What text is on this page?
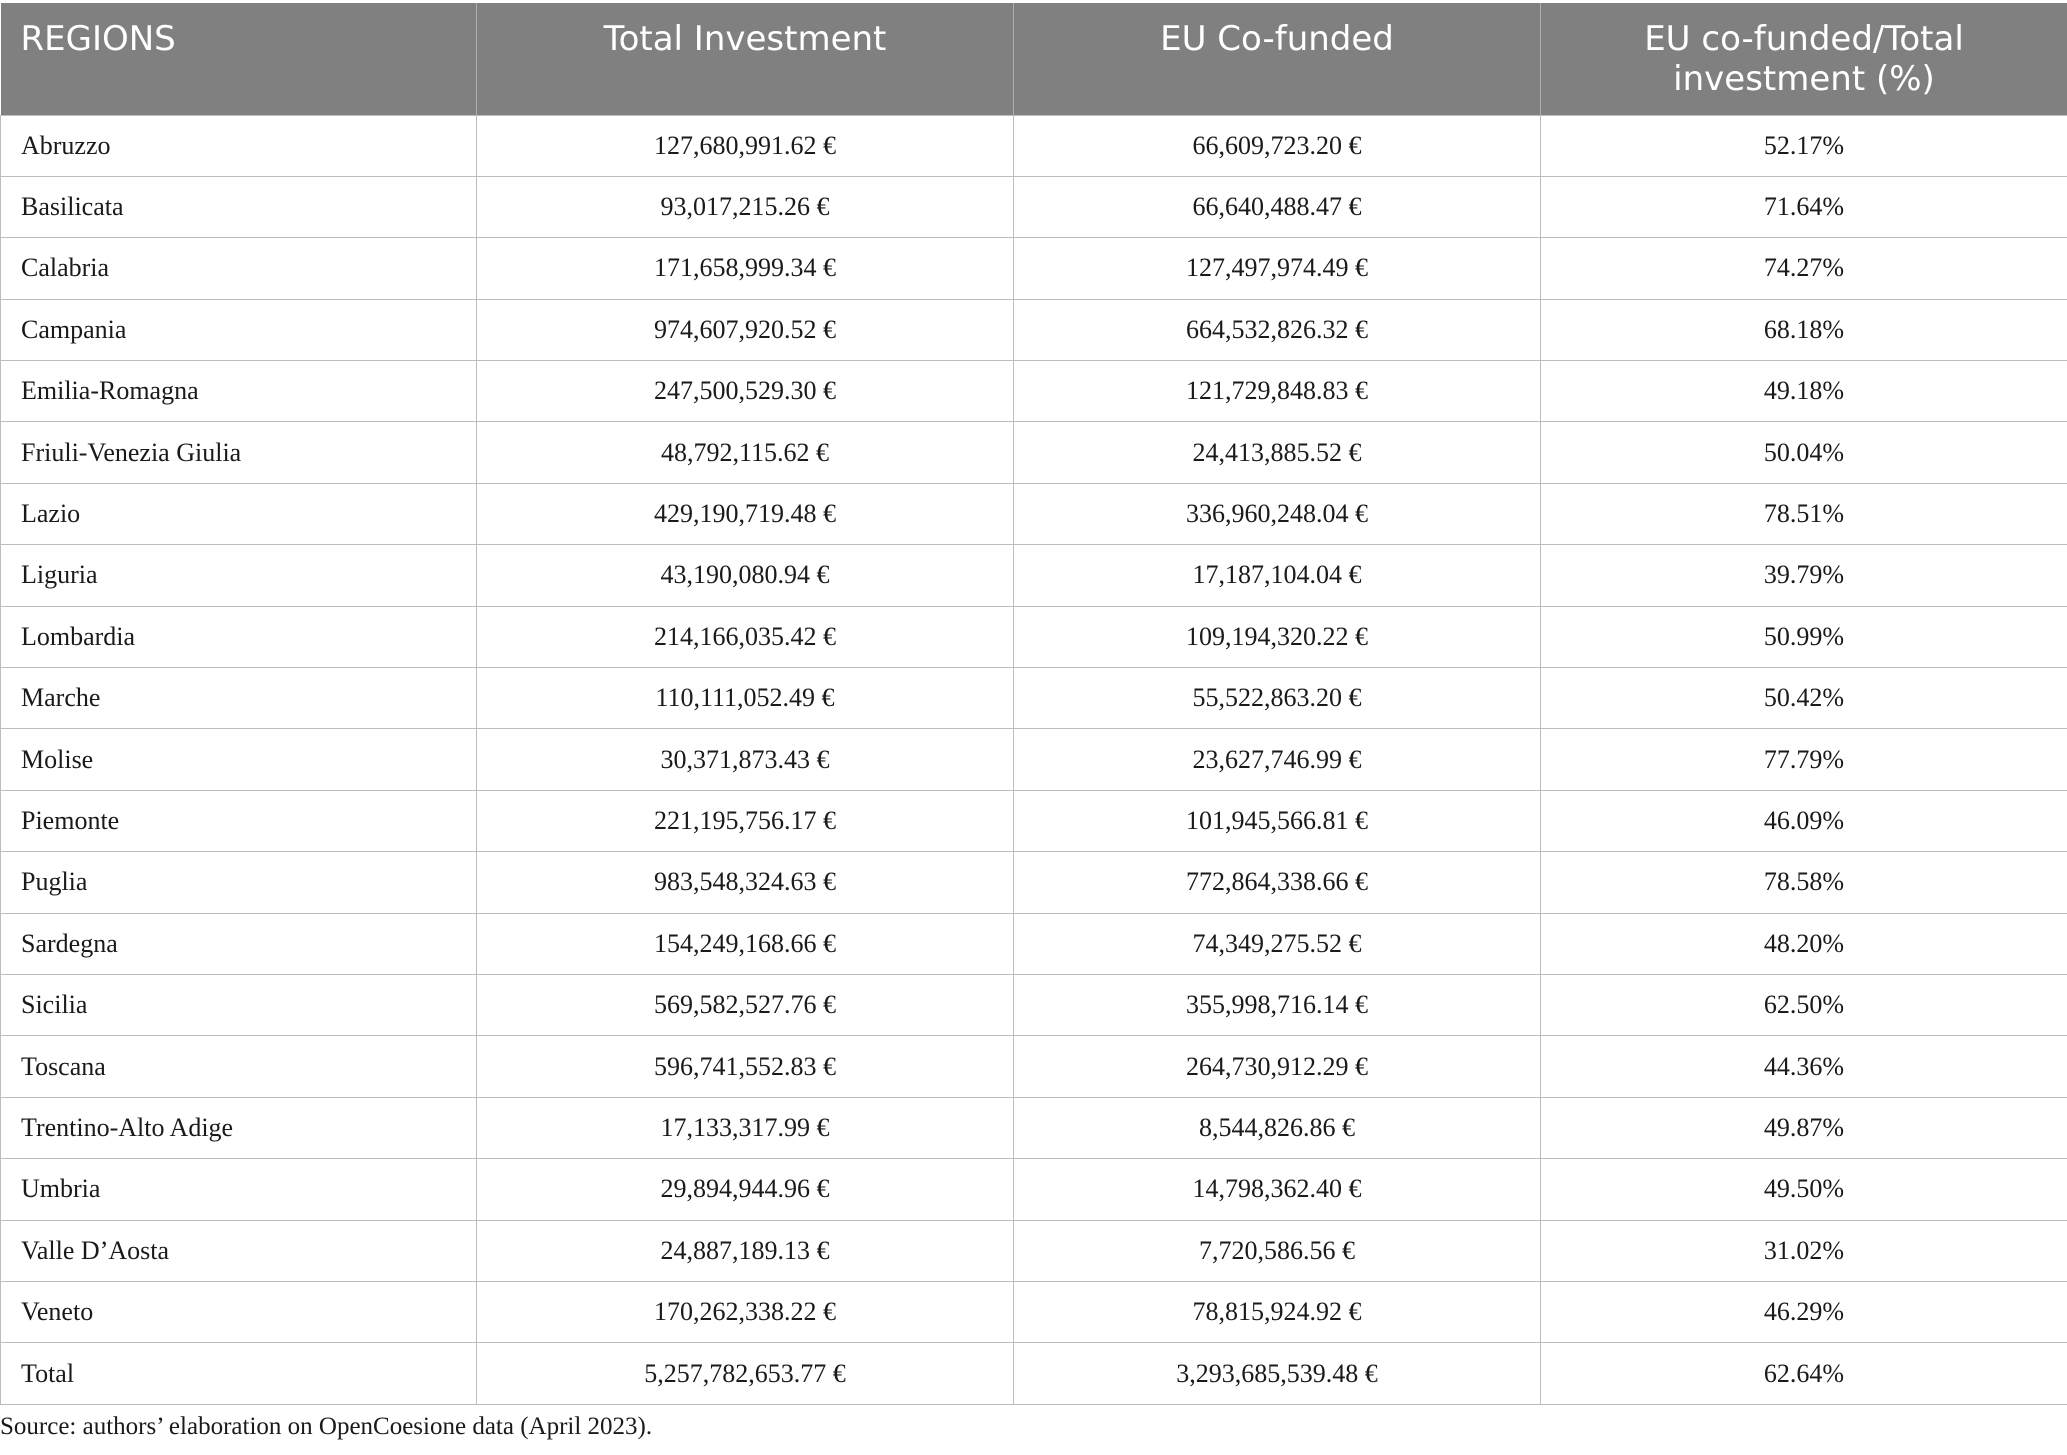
REGIONS	Total Investment	EU Co-funded	EU co-funded/Total investment (%)
Abruzzo	127,680,991.62 €	66,609,723.20 €	52.17%
Basilicata	93,017,215.26 €	66,640,488.47 €	71.64%
Calabria	171,658,999.34 €	127,497,974.49 €	74.27%
Campania	974,607,920.52 €	664,532,826.32 €	68.18%
Emilia-Romagna	247,500,529.30 €	121,729,848.83 €	49.18%
Friuli-Venezia Giulia	48,792,115.62 €	24,413,885.52 €	50.04%
Lazio	429,190,719.48 €	336,960,248.04 €	78.51%
Liguria	43,190,080.94 €	17,187,104.04 €	39.79%
Lombardia	214,166,035.42 €	109,194,320.22 €	50.99%
Marche	110,111,052.49 €	55,522,863.20 €	50.42%
Molise	30,371,873.43 €	23,627,746.99 €	77.79%
Piemonte	221,195,756.17 €	101,945,566.81 €	46.09%
Puglia	983,548,324.63 €	772,864,338.66 €	78.58%
Sardegna	154,249,168.66 €	74,349,275.52 €	48.20%
Sicilia	569,582,527.76 €	355,998,716.14 €	62.50%
Toscana	596,741,552.83 €	264,730,912.29 €	44.36%
Trentino-Alto Adige	17,133,317.99 €	8,544,826.86 €	49.87%
Umbria	29,894,944.96 €	14,798,362.40 €	49.50%
Valle D’Aosta	24,887,189.13 €	7,720,586.56 €	31.02%
Veneto	170,262,338.22 €	78,815,924.92 €	46.29%
Total	5,257,782,653.77 €	3,293,685,539.48 €	62.64%
Source: authors’ elaboration on OpenCoesione data (April 2023).
